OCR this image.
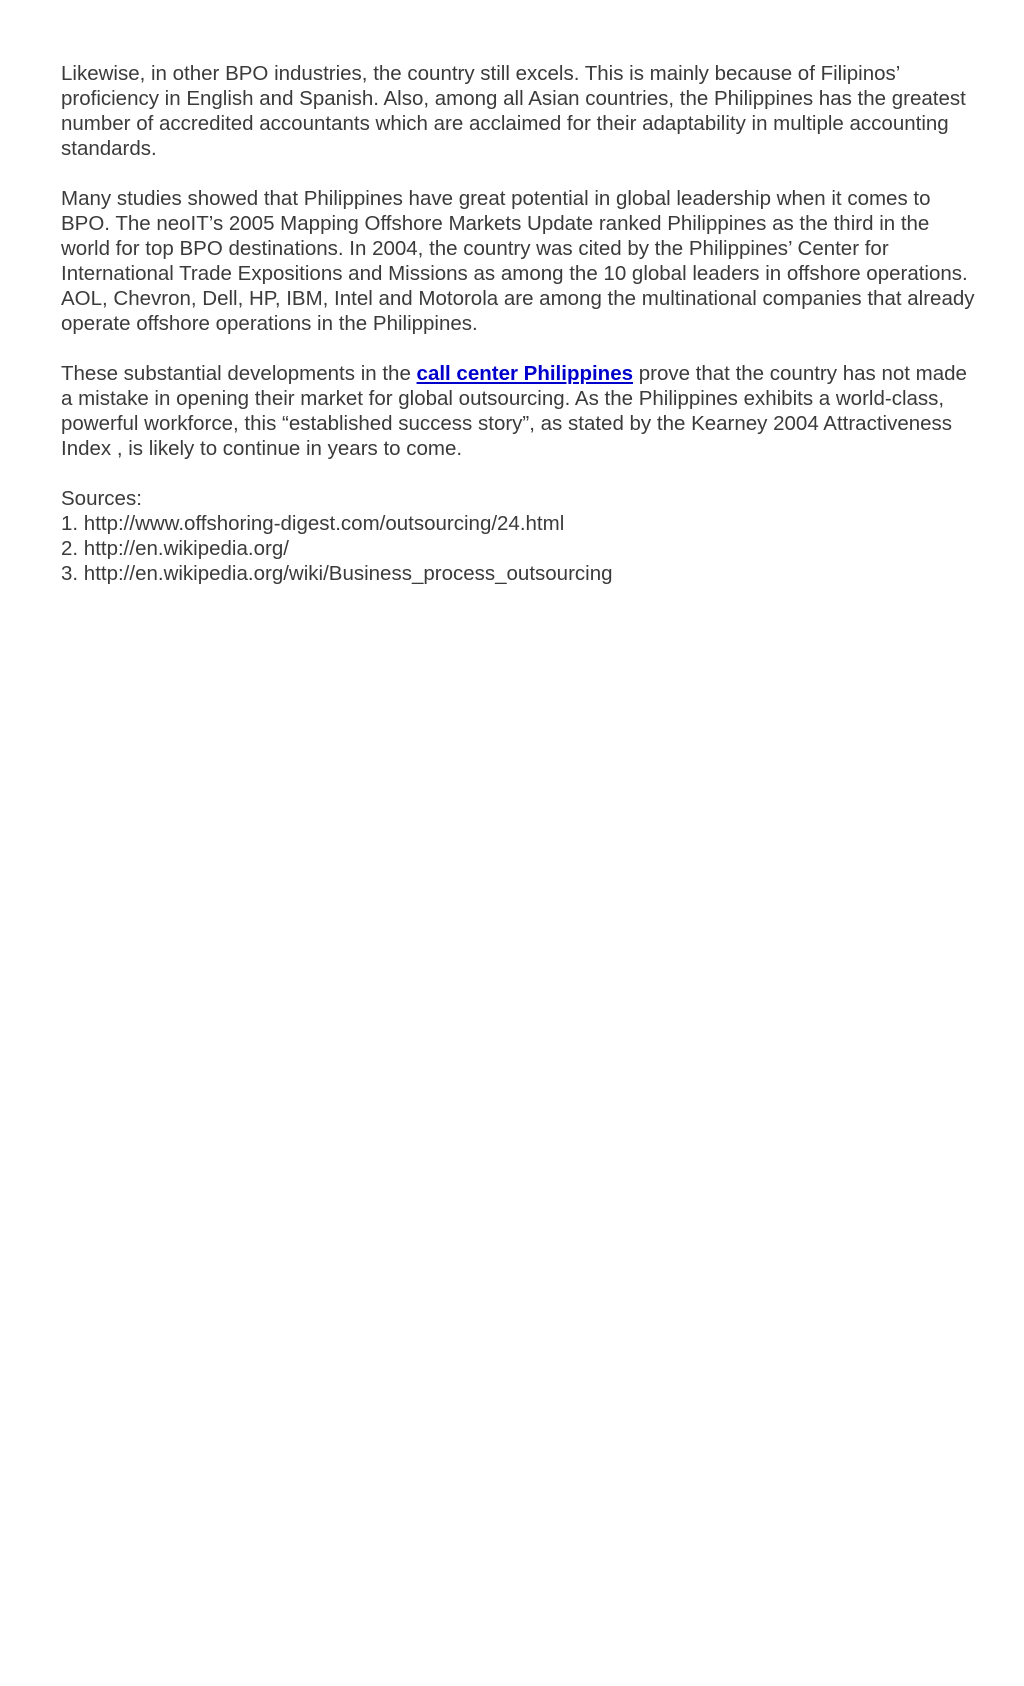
Likewise, in other BPO industries, the country still excels. This is mainly because of Filipinos’ proficiency in English and Spanish. Also, among all Asian countries, the Philippines has the greatest number of accredited accountants which are acclaimed for their adaptability in multiple accounting standards.

Many studies showed that Philippines have great potential in global leadership when it comes to BPO. The neoIT’s 2005 Mapping Offshore Markets Update ranked Philippines as the third in the world for top BPO destinations. In 2004, the country was cited by the Philippines’ Center for International Trade Expositions and Missions as among the 10 global leaders in offshore operations. AOL, Chevron, Dell, HP, IBM, Intel and Motorola are among the multinational companies that already operate offshore operations in the Philippines.

These substantial developments in the call center Philippines prove that the country has not made a mistake in opening their market for global outsourcing. As the Philippines exhibits a world-class, powerful workforce, this “established success story”, as stated by the Kearney 2004 Attractiveness Index , is likely to continue in years to come.

Sources:
1. http://www.offshoring-digest.com/outsourcing/24.html
2. http://en.wikipedia.org/
3. http://en.wikipedia.org/wiki/Business_process_outsourcing
